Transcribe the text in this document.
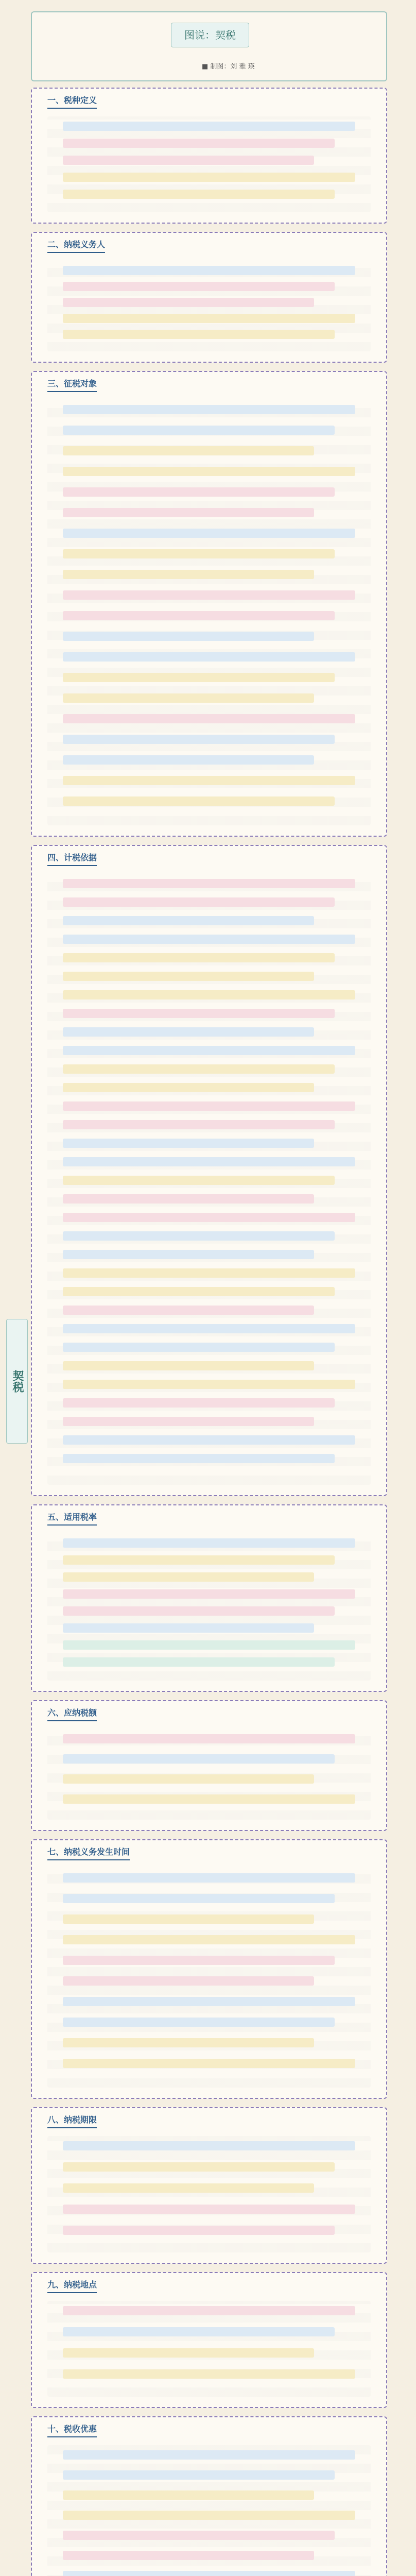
图说：契税
■ 制图：刘 雅 瑛
契税
一、税种定义
二、纳税义务人
三、征税对象
四、计税依据
五、适用税率
六、应纳税额
七、纳税义务发生时间
八、纳税期限
九、纳税地点
十、税收优惠
